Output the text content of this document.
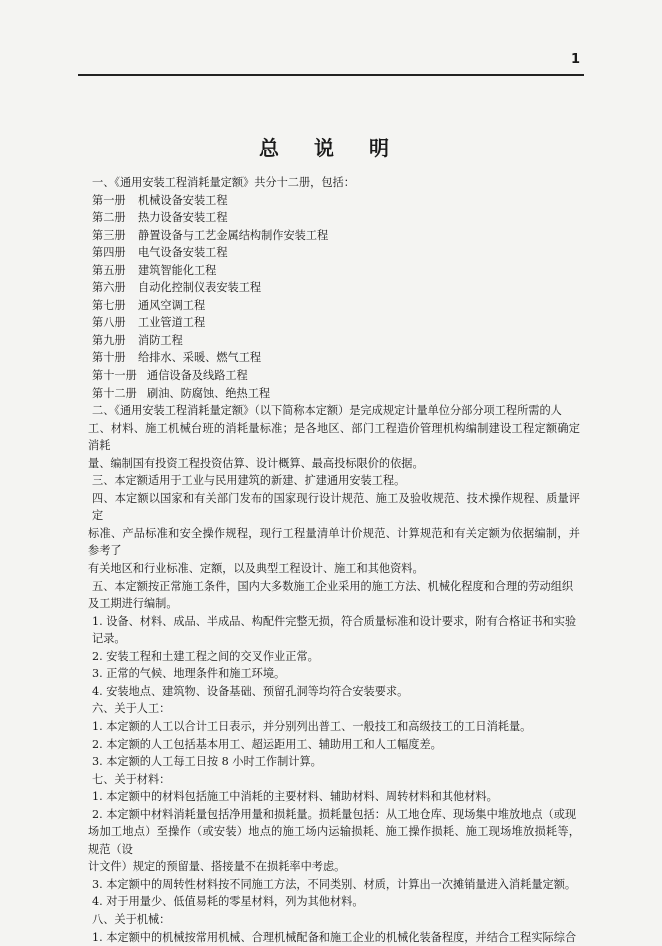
1
总 说 明

一、《通用安装工程消耗量定额》共分十二册，包括：

第一册	机械设备安装工程
第二册	热力设备安装工程
第三册	静置设备与工艺金属结构制作安装工程
第四册	电气设备安装工程
第五册	建筑智能化工程
第六册	自动化控制仪表安装工程
第七册	通风空调工程
第八册	工业管道工程
第九册	消防工程
第十册	给排水、采暖、燃气工程
第十一册 通信设备及线路工程
第十二册 刷油、防腐蚀、绝热工程

二、《通用安装工程消耗量定额》（以下简称本定额）是完成规定计量单位分部分项工程所需的人

工、材料、施工机械台班的消耗量标准；是各地区、部门工程造价管理机构编制建设工程定额确定消耗

量、编制国有投资工程投资估算、设计概算、最高投标限价的依据。

三、本定额适用于工业与民用建筑的新建、扩建通用安装工程。

四、本定额以国家和有关部门发布的国家现行设计规范、施工及验收规范、技术操作规程、质量评定

标准、产品标准和安全操作规程，现行工程量清单计价规范、计算规范和有关定额为依据编制，并参考了

有关地区和行业标准、定额，以及典型工程设计、施工和其他资料。

五、本定额按正常施工条件，国内大多数施工企业采用的施工方法、机械化程度和合理的劳动组织

及工期进行编制。

1. 设备、材料、成品、半成品、构配件完整无损，符合质量标准和设计要求，附有合格证书和实验记录。

2. 安装工程和土建工程之间的交叉作业正常。

3. 正常的气候、地理条件和施工环境。

4. 安装地点、建筑物、设备基础、预留孔洞等均符合安装要求。

六、关于人工：

1. 本定额的人工以合计工日表示，并分别列出普工、一般技工和高级技工的工日消耗量。

2. 本定额的人工包括基本用工、超运距用工、辅助用工和人工幅度差。

3. 本定额的人工每工日按 8 小时工作制计算。

七、关于材料：

1. 本定额中的材料包括施工中消耗的主要材料、辅助材料、周转材料和其他材料。

2. 本定额中材料消耗量包括净用量和损耗量。损耗量包括：从工地仓库、现场集中堆放地点（或现

场加工地点）至操作（或安装）地点的施工场内运输损耗、施工操作损耗、施工现场堆放损耗等，规范（设

计文件）规定的预留量、搭接量不在损耗率中考虑。

3. 本定额中的周转性材料按不同施工方法，不同类别、材质，计算出一次摊销量进入消耗量定额。

4. 对于用量少、低值易耗的零星材料，列为其他材料。

八、关于机械：

1. 本定额中的机械按常用机械、合理机械配备和施工企业的机械化装备程度，并结合工程实际综合
